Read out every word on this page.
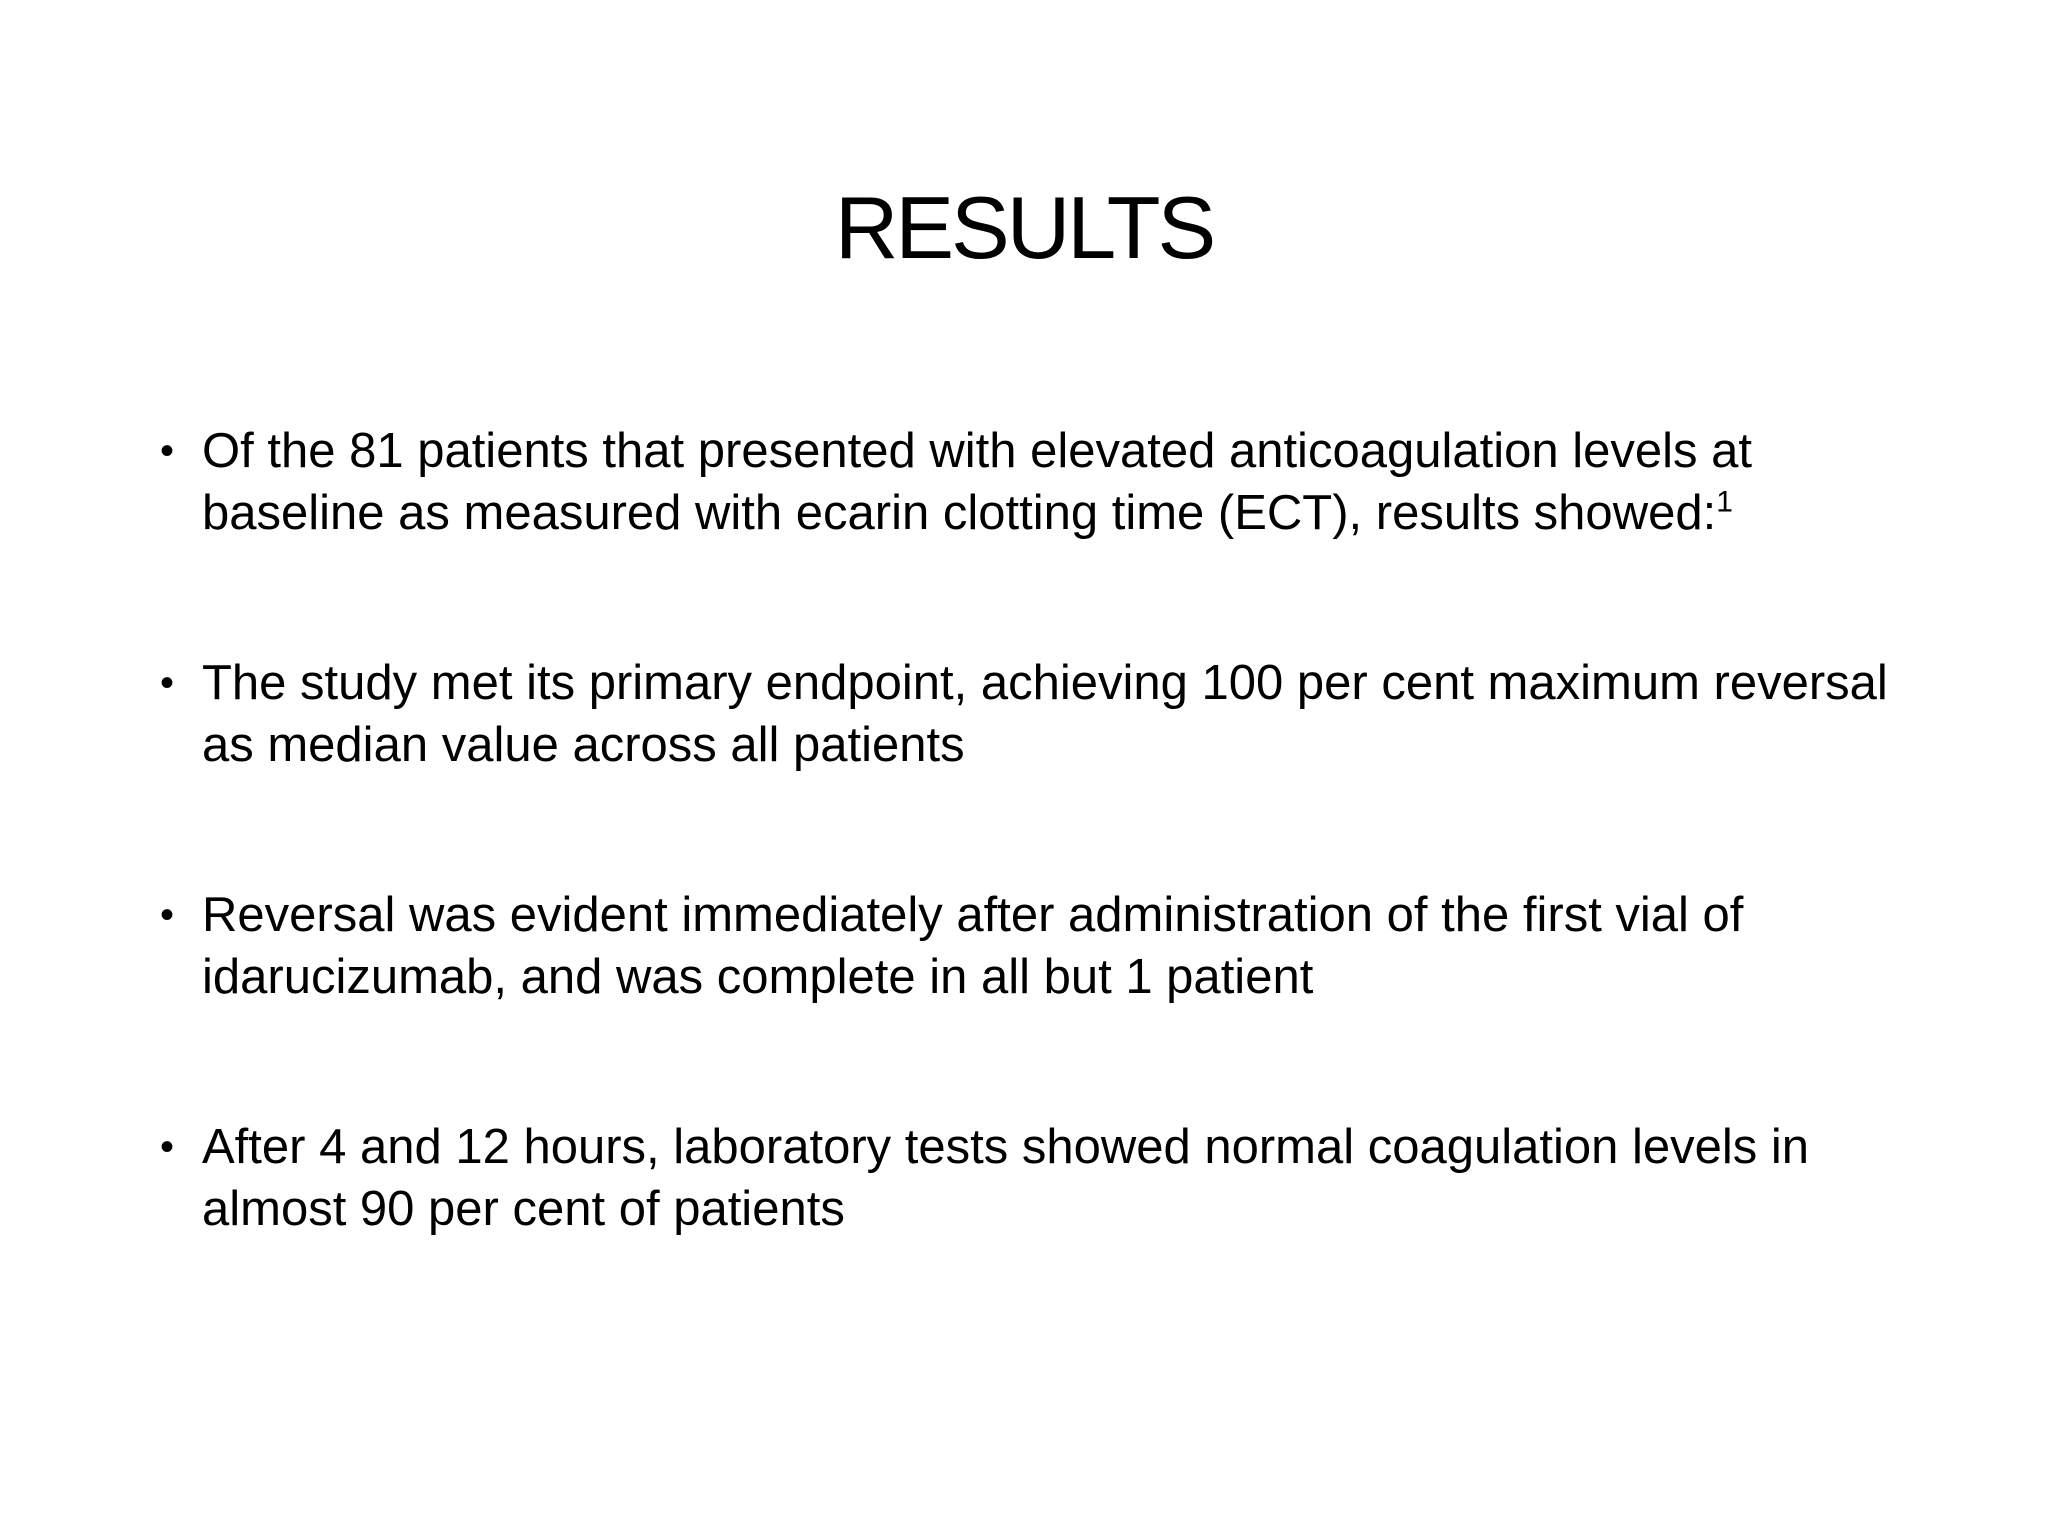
RESULTS
• Of the 81 patients that presented with elevated anticoagulation levels at baseline as measured with ecarin clotting time (ECT), results showed:$^1$
• The study met its primary endpoint, achieving 100 per cent maximum reversal as median value across all patients
• Reversal was evident immediately after administration of the first vial of idarucizumab, and was complete in all but 1 patient
• After 4 and 12 hours, laboratory tests showed normal coagulation levels in almost 90 per cent of patients
